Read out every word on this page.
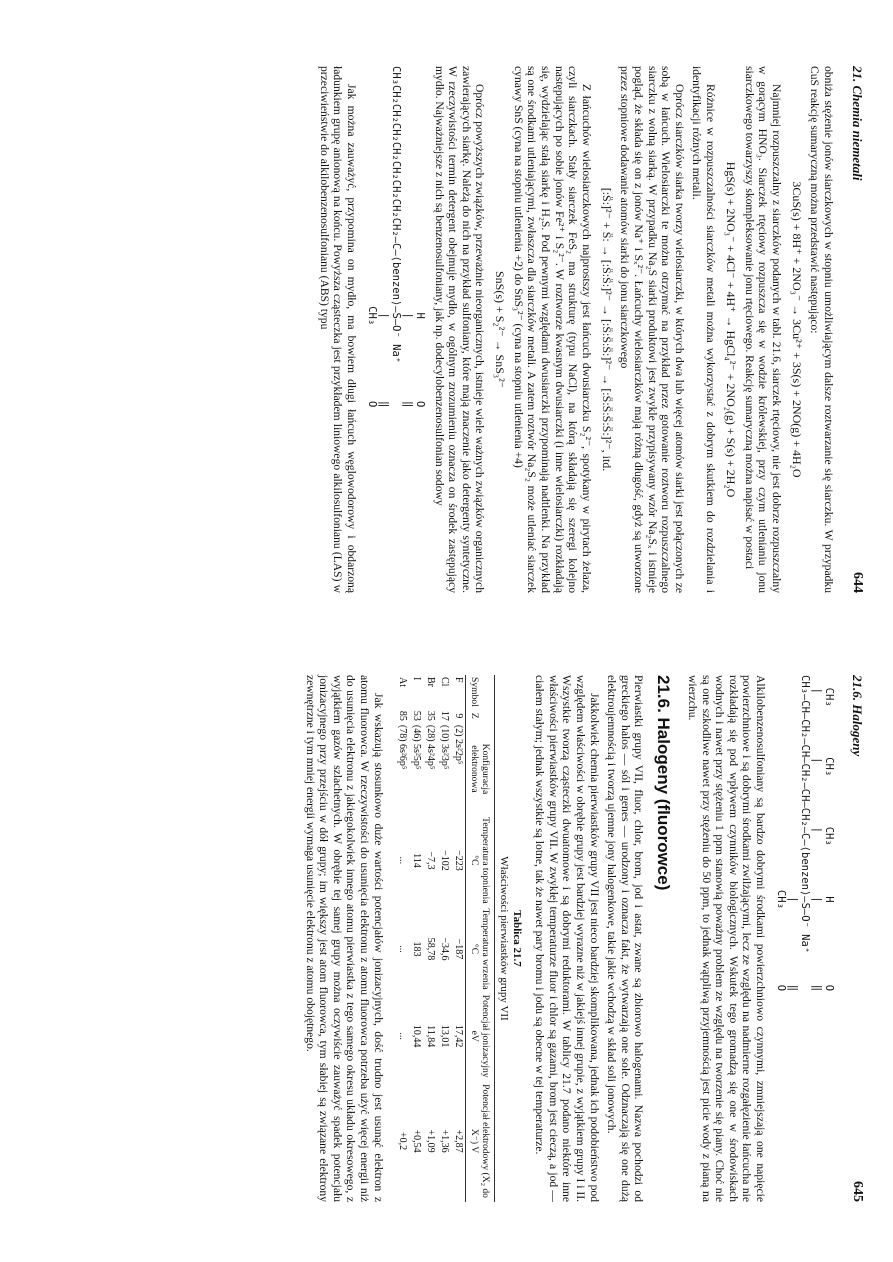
21. Chemia niemetali
644

obniża stężenie jonów siarczkowych w stopniu umożliwiającym dalsze roztwarzanie się siarczku. W przypadku CuS reakcję sumaryczną można przedstawić następująco:

3CuS(s) + 8H⁺ + 2NO₃⁻ → 3Cu²⁺ + 3S(s) + 2NO(g) + 4H₂O

Najmniej rozpuszczalny z siarczków podanych w tabl. 21.6, siarczek rtęciowy, nie jest dobrze rozpuszczalny w gorącym HNO₃. Siarczek rtęciowy rozpuszcza się w wodzie królewskiej, przy czym utlenianiu jonu siarczkowego towarzyszy skompleksowanie jonu rtęciowego. Reakcję sumaryczną można napisać w postaci

HgS(s) + 2NO₃⁻ + 4Cl⁻ + 4H⁺ → HgCl₄²⁻ + 2NO₂(g) + S(s) + 2H₂O

Różnice w rozpuszczalności siarczków metali można wykorzystać z dobrym skutkiem do rozdzielania i identyfikacji różnych metali.

Oprócz siarczków siarka tworzy wielosiarczki, w których dwa lub więcej atomów siarki jest połączonych ze sobą w łańcuch. Wielosiarczki te można otrzymać na przykład przez gotowanie roztworu rozpuszczalnego siarczku z wolną siarką. W przypadku Na₂S siarki produktowi jest zwykle przypisywany wzór Na₂Sₓ i istnieje pogląd, że składa się on z jonów Na⁺ i Sₓ²⁻. Łańcuchy wielosiarczków mają różną długość, gdyż są utworzone przez stopniowe dodawanie atomów siarki do jonu siarczkowego

[:S̈:]²⁻ + S̈: → [:S̈:S̈:]²⁻ → [:S̈:S̈:S̈:]²⁻ → [:S̈:S̈:S̈:S̈:]²⁻, itd.

Z łańcuchów wielosiarczkowych najprostszy jest łańcuch dwusiarczku S₂²⁻, spotykany w pirytach żelaza, czyli siarczkach. Stały siarczek FeS₂ ma strukturę (typu NaCl), na którą składają się szeregi kolejno następujących po sobie jonów Fe²⁺ i S₂²⁻. W roztworze kwasnym dwusiarczki (i inne wielosiarczki) rozkładają się, wydzielając stałą siarkę i H₂S. Pod pewnymi względami dwusiarczki przypominają nadtlenki. Na przykład są one środkami utleniającymi, zwłaszcza dla siarczków metali. A zatem roztwór Na₂S₂ może utleniać siarczek cynawy SnS (cyna na stopniu utlenienia +2) do SnS₃²⁻ (cyna na stopniu utlenienia +4)

SnS(s) + S₂²⁻ → SnS₃²⁻

Oprócz powyższych związków, przeważnie nieorganicznych, istnieje wiele ważnych związków organicznych zawierających siarkę. Należą do nich na przykład sulfoniany, które mają znaczenie jako detergenty syntetyczne. W rzeczywistości termin detergent obejmuje mydło, w ogólnym zrozumieniu oznacza on środek zastępujący mydło. Najważniejsze z nich są benzenosulfoniany, jak np. dodecylobenzenosulfonian sodowy

H             O
|             ‖
CH₃CH₂CH₂CH₂CH₂CH₂CH₂CH₂CH₂—C—⟨benzen⟩—S—O⁻ Na⁺
|             ‖
CH₃            O

Jak można zauważyć, przypomina on mydło, ma bowiem długi łańcuch węglowodorowy i obdarzoną ładunkiem grupę anionową na końcu. Powyższa cząsteczka jest przykładem liniowego alkilosulfonianu (LAS) w przeciwieństwie do alkilobenzenosulfonianu (ABS) typu

21.6. Halogeny
645
CH₃        CH₃        CH₃        H             O
|          |          |          |             ‖
CH₃—CH—CH₂—CH—CH₂—CH—CH₂—C—⟨benzen⟩—S—O⁻ Na⁺
|             ‖
CH₃            O

Alkilobenzenosulfoniany są bardzo dobrymi środkami powierzchniowo czynnymi, zmniejszają one napięcie powierzchniowe i są dobrymi środkami zwilżającymi, lecz ze względu na nadmierne rozgałęzienie łańcucha nie rozkładają się pod wpływem czynników biologicznych. Wskutek tego gromadzą się one w środowiskach wodnych i nawet przy stężeniu 1 ppm stanowią poważny problem ze względu na tworzenie się piany. Choć nie są one szkodliwe nawet przy stężeniu do 50 ppm, to jednak wątpliwą przyjemnością jest picie wody z pianą na wierzchu.

21.6. Halogeny (fluorowce)

Pierwiastki grupy VII, fluor, chlor, brom, jod i astat, zwane są zbiorowo halogenami. Nazwa pochodzi od greckiego halos — sól i genes — urodzony i oznacza fakt, że wytwarzają one sole. Odznaczają się one dużą elektroujemnością i tworzą ujemne jony halogenkowe, takie jakie wchodzą w skład soli jonowych.

Jakkolwiek chemia pierwiastków grupy VII jest nieco bardziej skomplikowana, jednak ich podobieństwo pod względem właściwości w obrębie grupy jest bardziej wyrazne niż w jakiejś innej grupie, z wyjątkiem grupy I i II. Wszystkie tworzą cząsteczki dwuatomowe i są dobrymi reduktorami. W tablicy 21.7 podano niektóre inne właściwości pierwiastków grupy VII. W zwykłej temperaturze fluor i chlor są gazami, brom jest cieczą, a jod — ciałem stałym; jednak wszystkie są lotne, tak że nawet pary bromu i jodu są obecne w tej temperaturze.

Tablica 21.7
Właściwości pierwiastków grupy VII
Symbol	Z	Konfiguracja elektronowa	Temperatura topnienia °C	Temperatura wrzenia °C	Potencjał jonizacyjny eV	Potencjał elektrodowy (X₂ do X⁻) V
F	9	(2) 2s²2p⁵	−223	−187	17,42	+2,87
Cl	17	(10) 3s²3p⁵	−102	−34,6	13,01	+1,36
Br	35	(28) 4s²4p⁵	−7,3	58,78	11,84	+1,09
I	53	(46) 5s²5p⁵	114	183	10,44	+0,54
At	85	(78) 6s²6p⁵	...	...	...	+0,2

Jak wskazują stosunkowo duże wartości potencjałów jonizacyjnych, dość trudno jest usunąć elektron z atomu fluorowca. W rzeczywistości do usunięcia elektronu z atomu fluorowca potrzeba użyć więcej energii niż do usunięcia elektronu z jakiegokolwiek innego atomu pierwiastka z tego samego okresu układu okresowego, z wyjątkiem gazów szlachetnych. W obrębie tej samej grupy można oczywiście zauważyć spadek potencjału jonizacyjnego przy przejściu w dół grupy; im większy jest atom fluorowca, tym słabiej są związane elektrony zewnętrzne i tym mniej energii wymaga usunięcie elektronu z atomu obojętnego.
